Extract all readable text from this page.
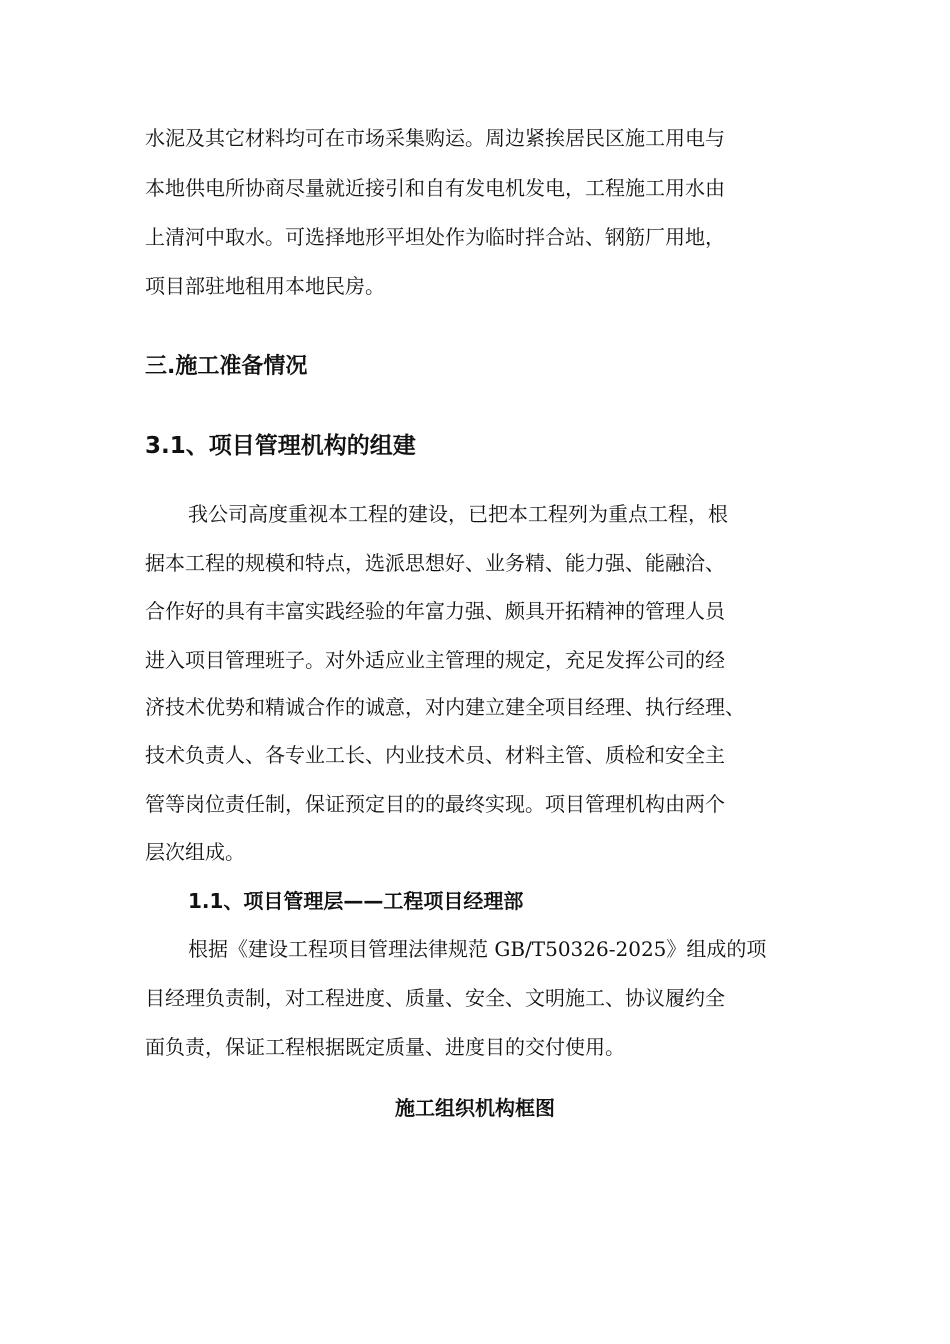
水泥及其它材料均可在市场采集购运。周边紧挨居民区施工用电与
本地供电所协商尽量就近接引和自有发电机发电，工程施工用水由
上清河中取水。可选择地形平坦处作为临时拌合站、钢筋厂用地，
项目部驻地租用本地民房。
三.施工准备情况
3.1、项目管理机构的组建
我公司高度重视本工程的建设，已把本工程列为重点工程，根
据本工程的规模和特点，选派思想好、业务精、能力强、能融洽、
合作好的具有丰富实践经验的年富力强、颇具开拓精神的管理人员
进入项目管理班子。对外适应业主管理的规定，充足发挥公司的经
济技术优势和精诚合作的诚意，对内建立建全项目经理、执行经理、
技术负责人、各专业工长、内业技术员、材料主管、质检和安全主
管等岗位责任制，保证预定目的的最终实现。项目管理机构由两个
层次组成。
1.1、项目管理层——工程项目经理部
根据《建设工程项目管理法律规范 GB/T50326-2025》组成的项
目经理负责制，对工程进度、质量、安全、文明施工、协议履约全
面负责，保证工程根据既定质量、进度目的交付使用。
施工组织机构框图
